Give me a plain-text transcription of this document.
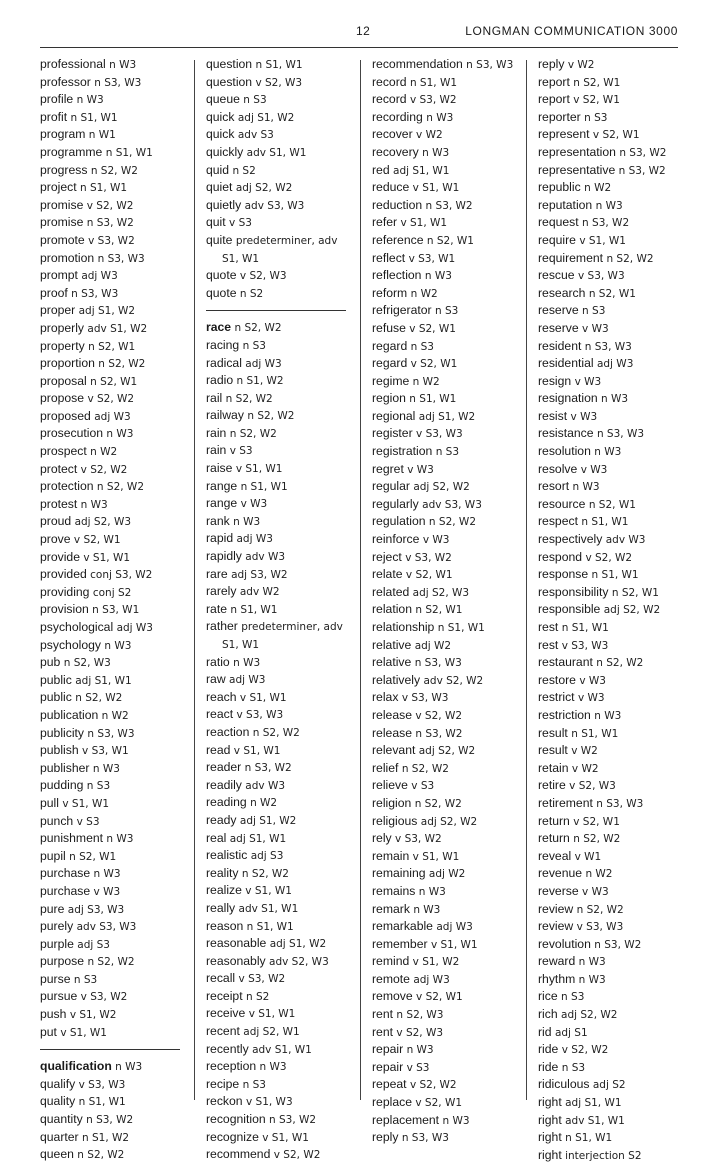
12	LONGMAN COMMUNICATION 3000
professional n W3
professor n S3, W3
profile n W3
profit n S1, W1
program n W1
programme n S1, W1
progress n S2, W2
project n S1, W1
promise v S2, W2
promise n S3, W2
promote v S3, W2
promotion n S3, W3
prompt adj W3
proof n S3, W3
proper adj S1, W2
properly adv S1, W2
property n S2, W1
proportion n S2, W2
proposal n S2, W1
propose v S2, W2
proposed adj W3
prosecution n W3
prospect n W2
protect v S2, W2
protection n S2, W2
protest n W3
proud adj S2, W3
prove v S2, W1
provide v S1, W1
provided conj S3, W2
providing conj S2
provision n S3, W1
psychological adj W3
psychology n W3
pub n S2, W3
public adj S1, W1
public n S2, W2
publication n W2
publicity n S3, W3
publish v S3, W1
publisher n W3
pudding n S3
pull v S1, W1
punch v S3
punishment n W3
pupil n S2, W1
purchase n W3
purchase v W3
pure adj S3, W3
purely adv S3, W3
purple adj S3
purpose n S2, W2
purse n S3
pursue v S3, W2
push v S1, W2
put v S1, W1
qualification n W3
qualify v S3, W3
quality n S1, W1
quantity n S3, W2
quarter n S1, W2
queen n S2, W2
question n S1, W1
question v S2, W3
queue n S3
quick adj S1, W2
quick adv S3
quickly adv S1, W1
quid n S2
quiet adj S2, W2
quietly adv S3, W3
quit v S3
quite predeterminer, adv S1, W1
quote v S2, W3
quote n S2
race n S2, W2
racing n S3
radical adj W3
radio n S1, W2
rail n S2, W2
railway n S2, W2
rain n S2, W2
rain v S3
raise v S1, W1
range n S1, W1
range v W3
rank n W3
rapid adj W3
rapidly adv W3
rare adj S3, W2
rarely adv W2
rate n S1, W1
rather predeterminer, adv S1, W1
ratio n W3
raw adj W3
reach v S1, W1
react v S3, W3
reaction n S2, W2
read v S1, W1
reader n S3, W2
readily adv W3
reading n W2
ready adj S1, W2
real adj S1, W1
realistic adj S3
reality n S2, W2
realize v S1, W1
really adv S1, W1
reason n S1, W1
reasonable adj S1, W2
reasonably adv S2, W3
recall v S3, W2
receipt n S2
receive v S1, W1
recent adj S2, W1
recently adv S1, W1
reception n W3
recipe n S3
reckon v S1, W3
recognition n S3, W2
recognize v S1, W1
recommend v S2, W2
recommendation n S3, W3
record n S1, W1
record v S3, W2
recording n W3
recover v W2
recovery n W3
red adj S1, W1
reduce v S1, W1
reduction n S3, W2
refer v S1, W1
reference n S2, W1
reflect v S3, W1
reflection n W3
reform n W2
refrigerator n S3
refuse v S2, W1
regard n S3
regard v S2, W1
regime n W2
region n S1, W1
regional adj S1, W2
register v S3, W3
registration n S3
regret v W3
regular adj S2, W2
regularly adv S3, W3
regulation n S2, W2
reinforce v W3
reject v S3, W2
relate v S2, W1
related adj S2, W3
relation n S2, W1
relationship n S1, W1
relative adj W2
relative n S3, W3
relatively adv S2, W2
relax v S3, W3
release v S2, W2
release n S3, W2
relevant adj S2, W2
relief n S2, W2
relieve v S3
religion n S2, W2
religious adj S2, W2
rely v S3, W2
remain v S1, W1
remaining adj W2
remains n W3
remark n W3
remarkable adj W3
remember v S1, W1
remind v S1, W2
remote adj W3
remove v S2, W1
rent n S2, W3
rent v S2, W3
repair n W3
repair v S3
repeat v S2, W2
replace v S2, W1
replacement n W3
reply n S3, W3
reply v W2
report n S2, W1
report v S2, W1
reporter n S3
represent v S2, W1
representation n S3, W2
representative n S3, W2
republic n W2
reputation n W3
request n S3, W2
require v S1, W1
requirement n S2, W2
rescue v S3, W3
research n S2, W1
reserve n S3
reserve v W3
resident n S3, W3
residential adj W3
resign v W3
resignation n W3
resist v W3
resistance n S3, W3
resolution n W3
resolve v W3
resort n W3
resource n S2, W1
respect n S1, W1
respectively adv W3
respond v S2, W2
response n S1, W1
responsibility n S2, W1
responsible adj S2, W2
rest n S1, W1
rest v S3, W3
restaurant n S2, W2
restore v W3
restrict v W3
restriction n W3
result n S1, W1
result v W2
retain v W2
retire v S2, W3
retirement n S3, W3
return v S2, W1
return n S2, W2
reveal v W1
revenue n W2
reverse v W3
review n S2, W2
review v S3, W3
revolution n S3, W2
reward n W3
rhythm n W3
rice n S3
rich adj S2, W2
rid adj S1
ride v S2, W2
ride n S3
ridiculous adj S2
right adj S1, W1
right adv S1, W1
right n S1, W1
right interjection S2
